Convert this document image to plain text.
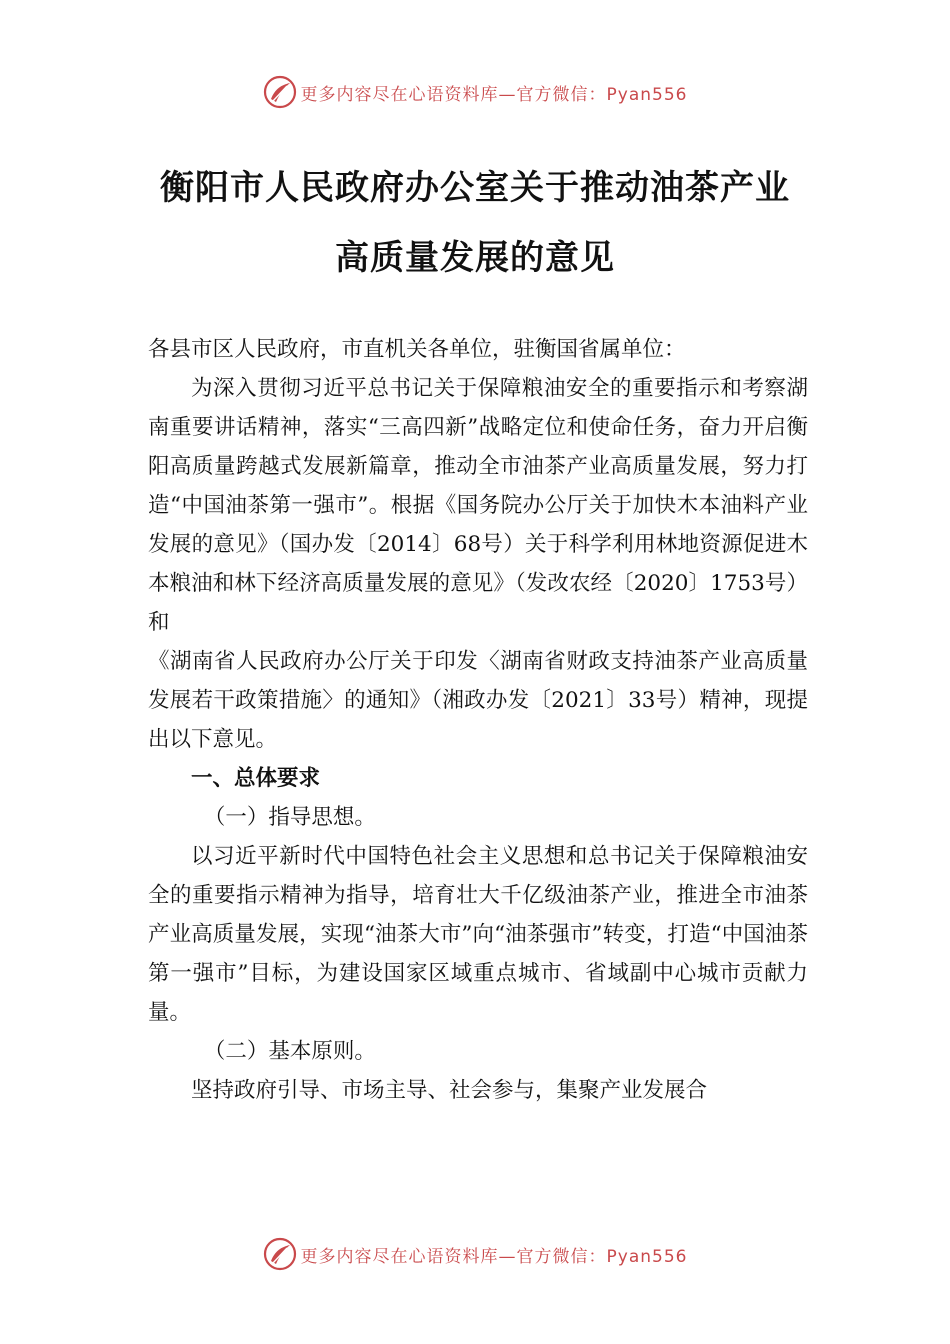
更多内容尽在心语资料库—官方微信：Pyan556
衡阳市人民政府办公室关于推动油茶产业
高质量发展的意见

各县市区人民政府，市直机关各单位，驻衡国省属单位：

为深入贯彻习近平总书记关于保障粮油安全的重要指示和考察湖南重要讲话精神，落实“三高四新”战略定位和使命任务，奋力开启衡阳高质量跨越式发展新篇章，推动全市油茶产业高质量发展，努力打造“中国油茶第一强市”。根据《国务院办公厅关于加快木本油料产业发展的意见》（国办发〔2014〕68号）关于科学利用林地资源促进木本粮油和林下经济高质量发展的意见》（发改农经〔2020〕1753号）和

《湖南省人民政府办公厅关于印发〈湖南省财政支持油茶产业高质量发展若干政策措施〉的通知》（湘政办发〔2021〕33号）精神，现提出以下意见。

一、总体要求

（一）指导思想。

以习近平新时代中国特色社会主义思想和总书记关于保障粮油安全的重要指示精神为指导，培育壮大千亿级油茶产业，推进全市油茶产业高质量发展，实现“油茶大市”向“油茶强市”转变，打造“中国油茶第一强市”目标，为建设国家区域重点城市、省域副中心城市贡献力量。

（二）基本原则。

坚持政府引导、市场主导、社会参与，集聚产业发展合

更多内容尽在心语资料库—官方微信：Pyan556
